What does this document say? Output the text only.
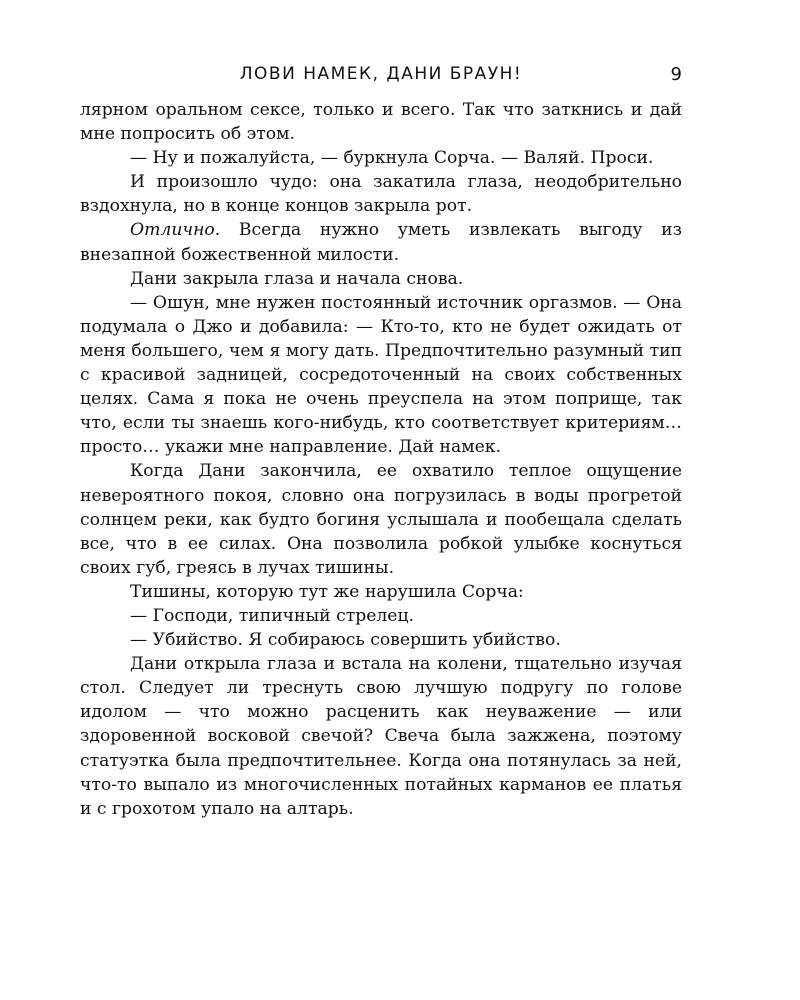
ЛОВИ НАМЕК, ДАНИ БРАУН!	9

лярном оральном сексе, только и всего. Так что заткнись и дай мне попросить об этом.

— Ну и пожалуйста, — буркнула Сорча. — Валяй. Проси.

И произошло чудо: она закатила глаза, неодобрительно вздохнула, но в конце концов закрыла рот.

Отлично. Всегда нужно уметь извлекать выгоду из внезапной божественной милости.

Дани закрыла глаза и начала снова.

— Ошун, мне нужен постоянный источник оргазмов. — Она подумала о Джо и добавила: — Кто-то, кто не будет ожидать от меня большего, чем я могу дать. Предпочтительно разумный тип с красивой задницей, сосредоточенный на своих собственных целях. Сама я пока не очень преуспела на этом поприще, так что, если ты знаешь кого-нибудь, кто соответствует критериям… просто… укажи мне направление. Дай намек.

Когда Дани закончила, ее охватило теплое ощущение невероятного покоя, словно она погрузилась в воды прогретой солнцем реки, как будто богиня услышала и пообещала сделать все, что в ее силах. Она позволила робкой улыбке коснуться своих губ, греясь в лучах тишины.

Тишины, которую тут же нарушила Сорча:

— Господи, типичный стрелец.

— Убийство. Я собираюсь совершить убийство.

Дани открыла глаза и встала на колени, тщательно изучая стол. Следует ли треснуть свою лучшую подругу по голове идолом — что можно расценить как неуважение — или здоровенной восковой свечой? Свеча была зажжена, поэтому статуэтка была предпочтительнее. Когда она потянулась за ней, что-то выпало из многочисленных потайных карманов ее платья и с грохотом упало на алтарь.
